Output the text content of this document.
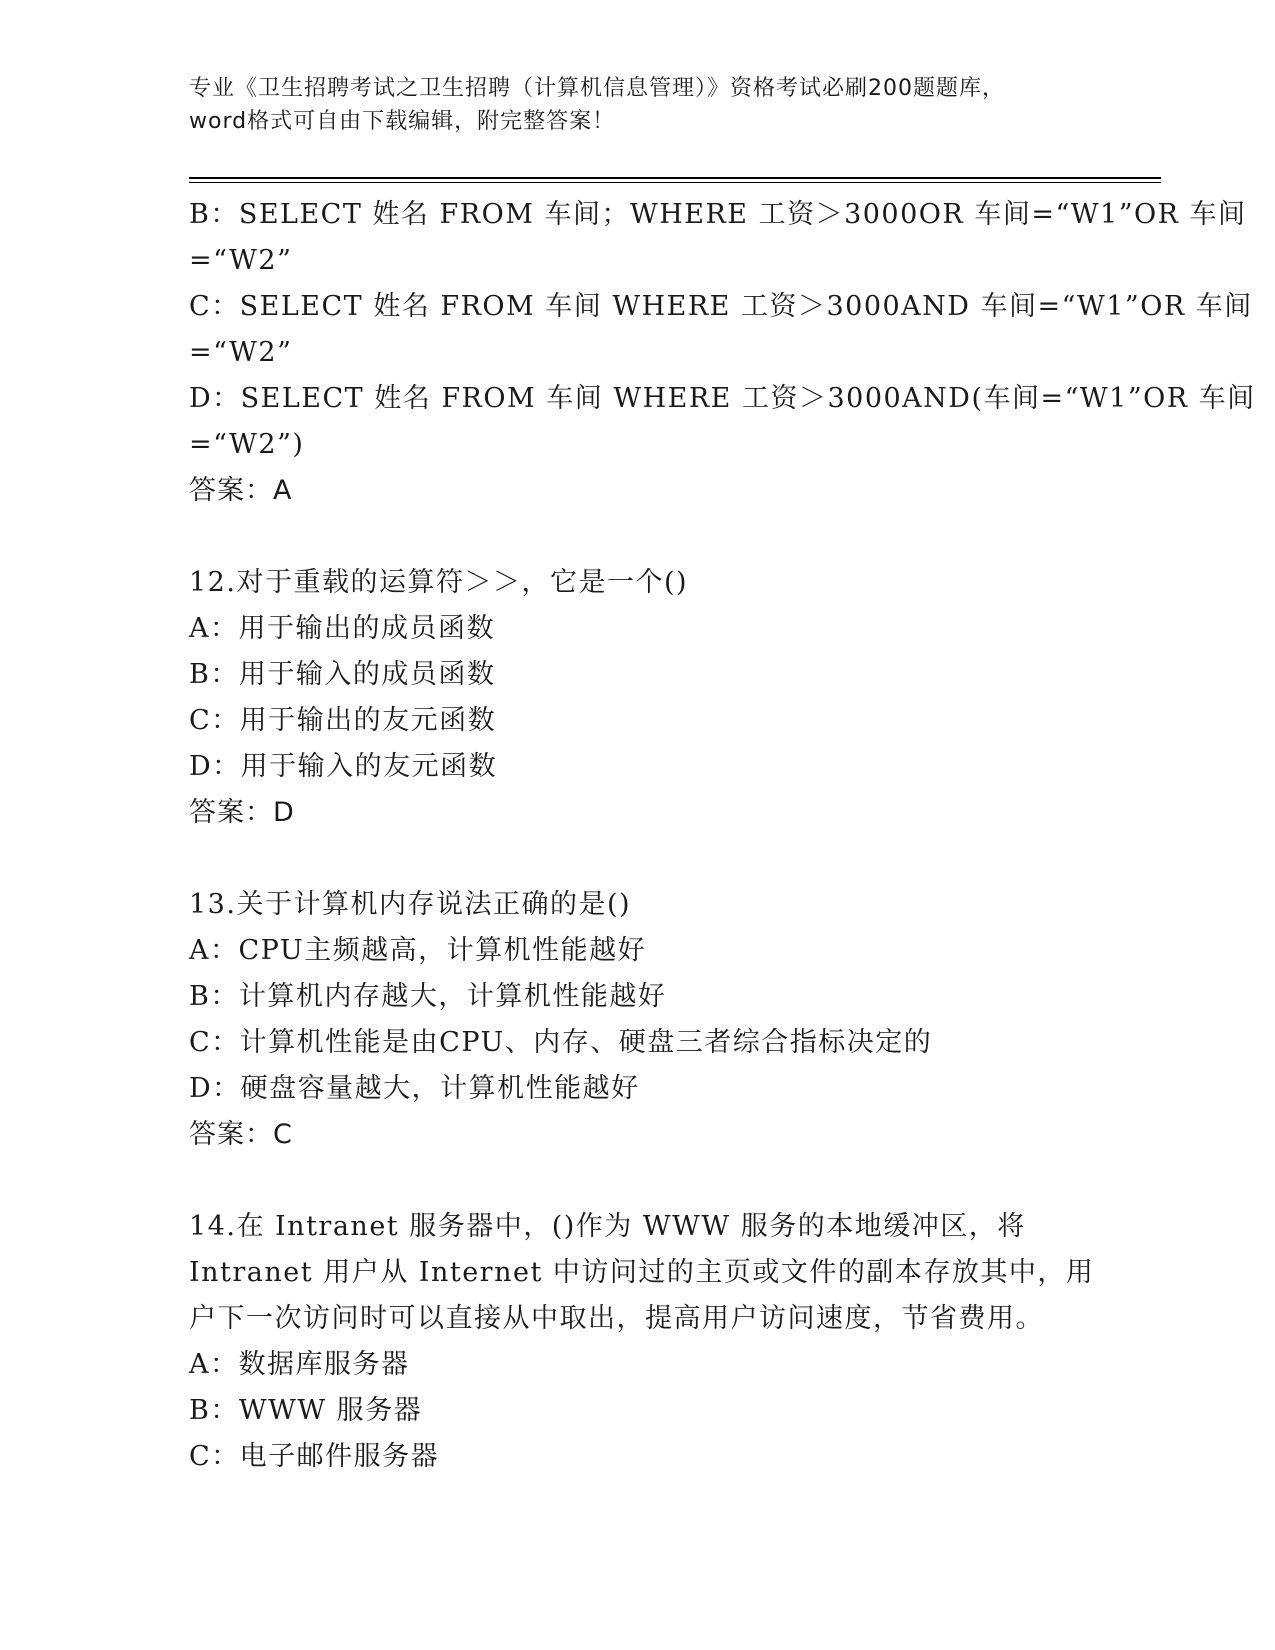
专业《卫生招聘考试之卫生招聘（计算机信息管理）》资格考试必刷200题题库，
word格式可自由下载编辑，附完整答案！
B：SELECT 姓名 FROM 车间；WHERE 工资＞3000OR 车间=“W1”OR 车间
=“W2”
C：SELECT 姓名 FROM 车间 WHERE 工资＞3000AND 车间=“W1”OR 车间
=“W2”
D：SELECT 姓名 FROM 车间 WHERE 工资＞3000AND(车间=“W1”OR 车间
=“W2”)
答案：A
12.对于重载的运算符＞＞，它是一个()
A：用于输出的成员函数
B：用于输入的成员函数
C：用于输出的友元函数
D：用于输入的友元函数
答案：D
13.关于计算机内存说法正确的是()
A：CPU主频越高，计算机性能越好
B：计算机内存越大，计算机性能越好
C：计算机性能是由CPU、内存、硬盘三者综合指标决定的
D：硬盘容量越大，计算机性能越好
答案：C
14.在 Intranet 服务器中，()作为 WWW 服务的本地缓冲区，将
Intranet 用户从 Internet 中访问过的主页或文件的副本存放其中，用
户下一次访问时可以直接从中取出，提高用户访问速度，节省费用。
A：数据库服务器
B：WWW 服务器
C：电子邮件服务器
